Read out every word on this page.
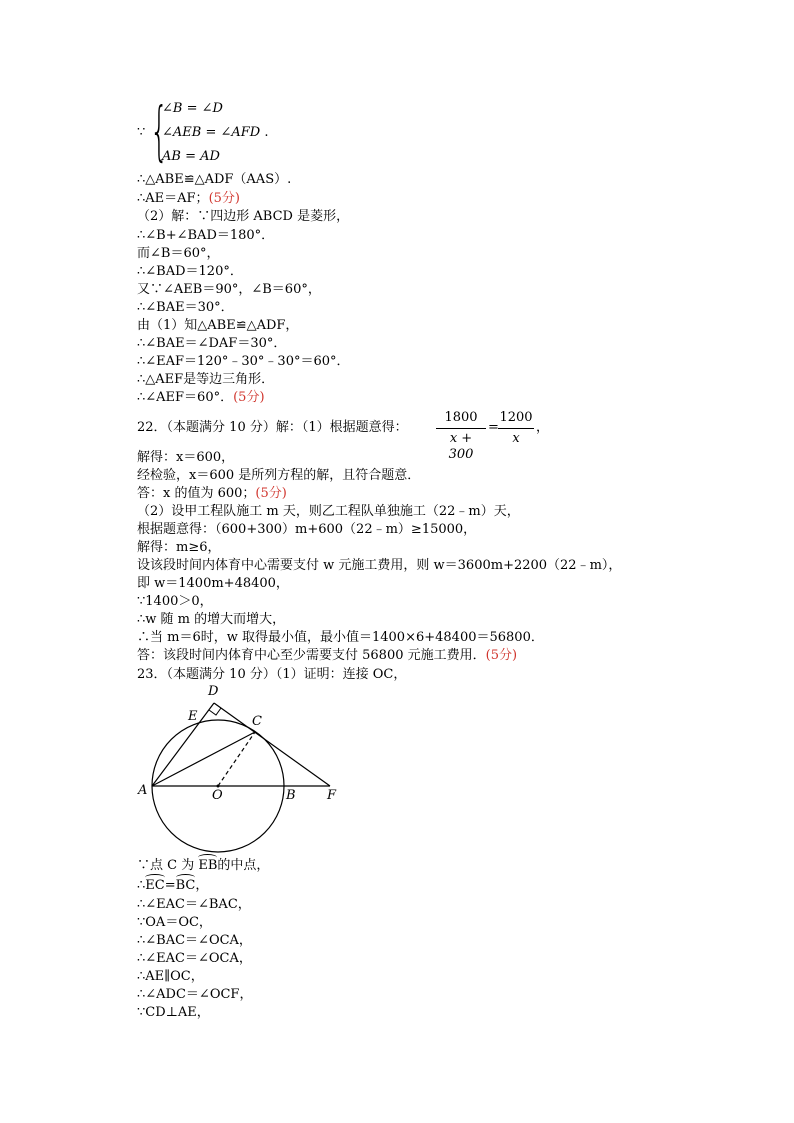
∵ {
∠B = ∠D
∠AEB = ∠AFD .
AB = AD
∴△ABE≌△ADF（AAS）.
∴AE＝AF；(5分)
（2）解：∵四边形 ABCD 是菱形，
∴∠B+∠BAD＝180°．
而∠B＝60°，
∴∠BAD＝120°．
又∵∠AEB＝90°，∠B＝60°，
∴∠BAE＝30°．
由（1）知△ABE≌△ADF，
∴∠BAE＝∠DAF＝30°．
∴∠EAF＝120°﹣30°﹣30°＝60°．
∴△AEF是等边三角形．
∴∠AEF＝60°．(5分)
22．（本题满分 10 分）解：（1）根据题意得：
1800
x + 300
=
1200
x
，
解得：x＝600，
经检验，x＝600 是所列方程的解，且符合题意．
答：x 的值为 600；(5分)
（2）设甲工程队施工 m 天，则乙工程队单独施工（22﹣m）天，
根据题意得：（600+300）m+600（22﹣m）≥15000，
解得：m≥6，
设该段时间内体育中心需要支付 w 元施工费用，则 w＝3600m+2200（22﹣m），
即 w＝1400m+48400，
∵1400＞0，
∴w 随 m 的增大而增大，
∴当 m＝6时，w 取得最小值，最小值＝1400×6+48400＝56800．
答：该段时间内体育中心至少需要支付 56800 元施工费用．(5分)
23．（本题满分 10 分）（1）证明：连接 OC，
D
E	C
A	O	B F
∵点 C 为 EB的中点，
∴EC=BC，
∴∠EAC＝∠BAC，
∵OA＝OC，
∴∠BAC＝∠OCA，
∴∠EAC＝∠OCA，
∴AE∥OC，
∴∠ADC＝∠OCF，
∵CD⊥AE，
